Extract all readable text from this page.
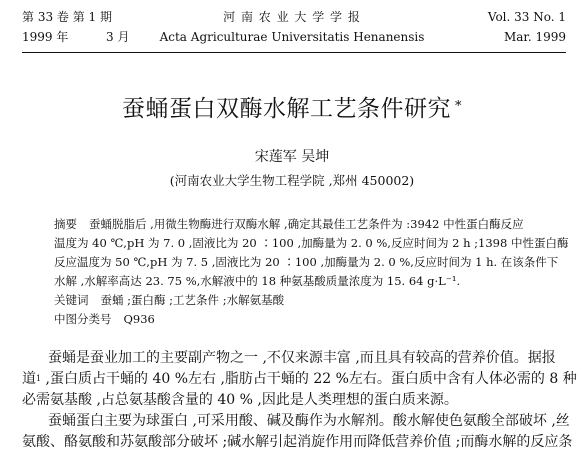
第 33 卷 第 1 期	河 南 农 业 大 学 学 报	Vol. 33 No. 1
1999 年	3 月	Acta Agriculturae Universitatis Henanensis	Mar. 1999
蚕蛹蛋白双酶水解工艺条件研究 *
宋莲军 吴坤
(河南农业大学生物工程学院 ,郑州 450002)
摘要 蚕蛹脱脂后 ,用微生物酶进行双酶水解 ,确定其最佳工艺条件为 :3942 中性蛋白酶反应
温度为 40 ℃,pH 为 7. 0 ,固液比为 20 ∶100 ,加酶量为 2. 0 %,反应时间为 2 h ;1398 中性蛋白酶
反应温度为 50 ℃,pH 为 7. 5 ,固液比为 20 ∶100 ,加酶量为 2. 0 %,反应时间为 1 h. 在该条件下
水解 ,水解率高达 23. 75 %,水解液中的 18 种氨基酸质量浓度为 15. 64 g·L⁻¹.
关键词 蚕蛹 ;蛋白酶 ;工艺条件 ;水解氨基酸
中图分类号 Q936
蚕蛹是蚕业加工的主要副产物之一 ,不仅来源丰富 ,而且具有较高的营养价值。据报
道$^1$ ,蛋白质占干蛹的 40 %左右 ,脂肪占干蛹的 22 %左右。蛋白质中含有人体必需的 8 种
必需氨基酸 ,占总氨基酸含量的 40 % ,因此是人类理想的蛋白质来源。
蚕蛹蛋白主要为球蛋白 ,可采用酸、碱及酶作为水解剂。酸水解使色氨酸全部破坏 ,丝
氨酸、酪氨酸和苏氨酸部分破坏 ;碱水解引起消旋作用而降低营养价值 ;而酶水解的反应条
